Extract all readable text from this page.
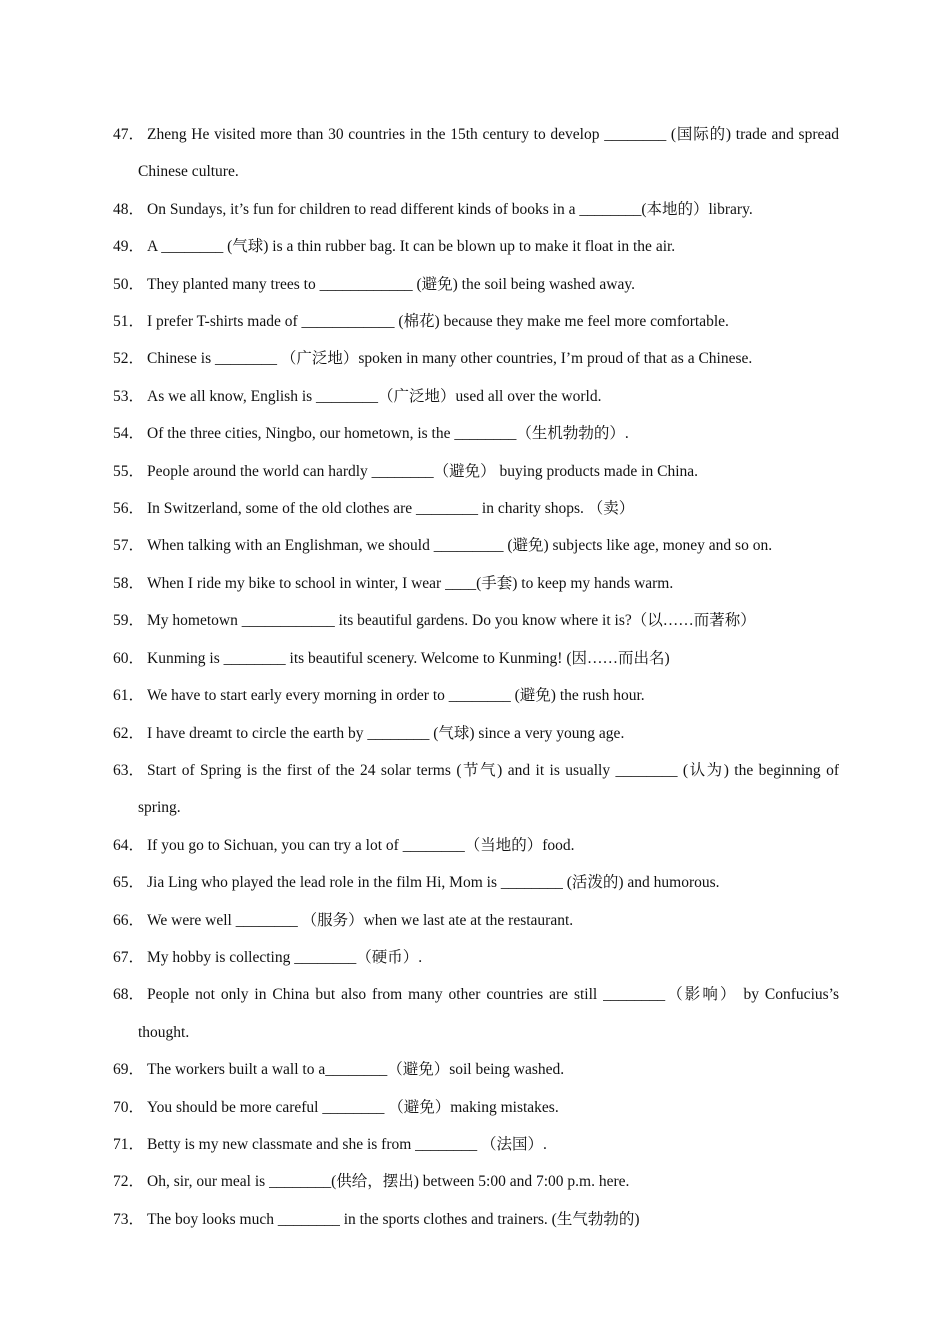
47． Zheng He visited more than 30 countries in the 15th century to develop ________ (国际的) trade and spread Chinese culture.
48． On Sundays, it’s fun for children to read different kinds of books in a ________(本地的）library.
49． A ________ (气球) is a thin rubber bag. It can be blown up to make it float in the air.
50． They planted many trees to ____________ (避免) the soil being washed away.
51． I prefer T-shirts made of ____________ (棉花) because they make me feel more comfortable.
52． Chinese is ________ （广泛地）spoken in many other countries, I’m proud of that as a Chinese.
53． As we all know, English is ________（广泛地）used all over the world.
54． Of the three cities, Ningbo, our hometown, is the ________（生机勃勃的）.
55． People around the world can hardly ________（避免） buying products made in China.
56． In Switzerland, some of the old clothes are ________ in charity shops. （卖）
57． When talking with an Englishman, we should _________ (避免) subjects like age, money and so on.
58． When I ride my bike to school in winter, I wear ____(手套) to keep my hands warm.
59． My hometown ____________ its beautiful gardens. Do you know where it is?（以……而著称）
60． Kunming is ________ its beautiful scenery. Welcome to Kunming! (因……而出名)
61． We have to start early every morning in order to ________ (避免) the rush hour.
62． I have dreamt to circle the earth by ________ (气球) since a very young age.
63． Start of Spring is the first of the 24 solar terms (节气) and it is usually ________ (认为) the beginning of spring.
64． If you go to Sichuan, you can try a lot of ________（当地的）food.
65． Jia Ling who played the lead role in the film Hi, Mom is ________ (活泼的) and humorous.
66． We were well ________ （服务）when we last ate at the restaurant.
67． My hobby is collecting ________（硬币）.
68． People not only in China but also from many other countries are still ________（影响） by Confucius’s thought.
69． The workers built a wall to a________（避免）soil being washed.
70． You should be more careful ________ （避免）making mistakes.
71． Betty is my new classmate and she is from ________ （法国）.
72． Oh, sir, our meal is ________(供给，摆出) between 5:00 and 7:00 p.m. here.
73． The boy looks much ________ in the sports clothes and trainers. (生气勃勃的)
